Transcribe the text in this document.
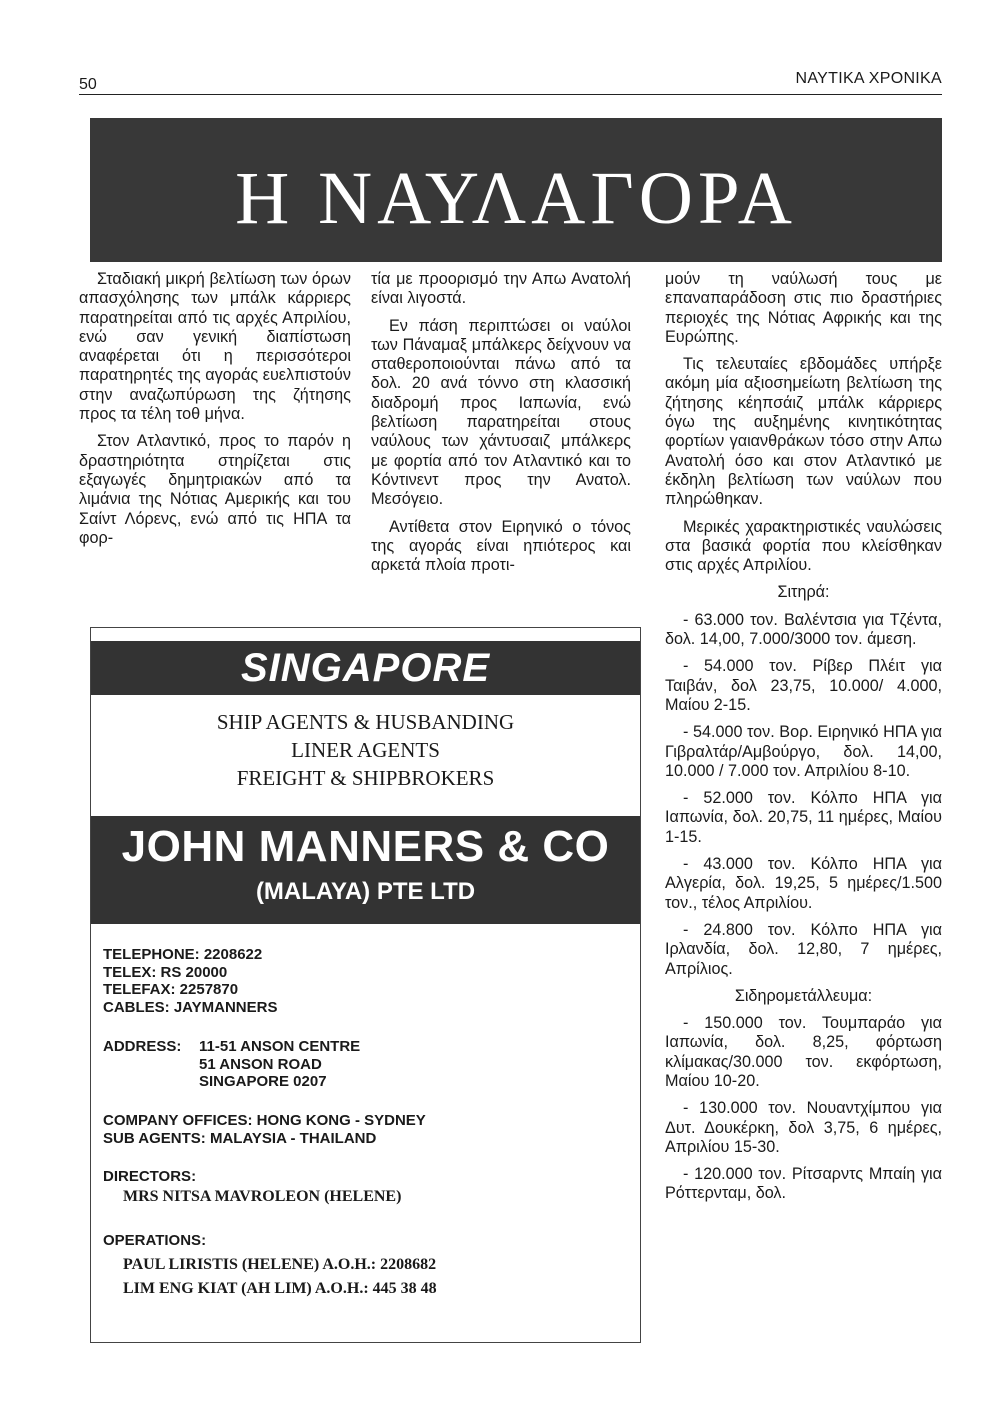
50	ΝΑΥΤΙΚΑ ΧΡΟΝΙΚΑ
Η ΝΑΥΛΑΓΟΡΑ

Σταδιακή μικρή βελτίωση των όρων απασχόλησης των μπάλκ κάρριερς παρατηρείται από τις αρχές Απριλίου, ενώ σαν γενική διαπίστωση αναφέρεται ότι η περισσότεροι παρατηρητές της αγοράς ευελπιστούν στην αναζωπύρωση της ζήτησης προς τα τέλη τοθ μήνα.

Στον Ατλαντικό, προς το παρόν η δραστηριότητα στηρίζεται στις εξαγωγές δημητριακών από τα λιμάνια της Νότιας Αμερικής και του Σαίντ Λόρενς, ενώ από τις ΗΠΑ τα φορ-

τία με προορισμό την Απω Ανατολή είναι λιγοστά.

Εν πάση περιπτώσει οι ναύλοι των Πάναμαξ μπάλκερς δείχνουν να σταθεροποιούνται πάνω από τα δολ. 20 ανά τόννο στη κλασσική διαδρομή προς Ιαπωνία, ενώ βελτίωση παρατηρείται στους ναύλους των χάντυσαιζ μπάλκερς με φορτία από τον Ατλαντικό και το Κόντινεντ προς την Ανατολ. Μεσόγειο.

Αντίθετα στον Ειρηνικό ο τόνος της αγοράς είναι ηπιότερος και αρκετά πλοία προτι-

μούν τη ναύλωσή τους με επαναπαράδοση στις πιο δραστήριες περιοχές της Νότιας Αφρικής και της Ευρώπης.

Τις τελευταίες εβδομάδες υπήρξε ακόμη μία αξιοσημείωτη βελτίωση της ζήτησης κέηπσάιζ μπάλκ κάρριερς όγω της αυξημένης κινητικότητας φορτίων γαιανθράκων τόσο στην Απω Ανατολή όσο και στον Ατλαντικό με έκδηλη βελτίωση των ναύλων που πληρώθηκαν.

Μερικές χαρακτηριστικές ναυλώσεις στα βασικά φορτία που κλείσθηκαν στις αρχές Απριλίου.

Σιτηρά:

- 63.000 τον. Βαλέντσια για Τζέντα, δολ. 14,00, 7.000/3000 τον. άμεση.

- 54.000 τον. Ρίβερ Πλέιτ για Ταιβάν, δολ 23,75, 10.000/ 4.000, Μαίου 2-15.

- 54.000 τον. Βορ. Ειρηνικό ΗΠΑ για Γιβραλτάρ/Αμβούργο, δολ. 14,00, 10.000 / 7.000 τον. Απριλίου 8-10.

- 52.000 τον. Κόλπο ΗΠΑ για Ιαπωνία, δολ. 20,75, 11 ημέρες, Μαίου 1-15.

- 43.000 τον. Κόλπο ΗΠΑ για Αλγερία, δολ. 19,25, 5 ημέρες/1.500 τον., τέλος Απριλίου.

- 24.800 τον. Κόλπο ΗΠΑ για Ιρλανδία, δολ. 12,80, 7 ημέρες, Απρίλιος.

Σιδηρομετάλλευμα:

- 150.000 τον. Τουμπαράο για Ιαπωνία, δολ. 8,25, φόρτωση κλίμακας/30.000 τον. εκφόρτωση, Μαίου 10-20.

- 130.000 τον. Νουαντχίμπου για Δυτ. Δουκέρκη, δολ 3,75, 6 ημέρες, Απριλίου 15-30.

- 120.000 τον. Ρίτσαρντς Μπαίη για Ρόττερνταμ, δολ.

SINGAPORE
SHIP AGENTS & HUSBANDING
LINER AGENTS
FREIGHT & SHIPBROKERS
JOHN MANNERS & CO
(MALAYA) PTE LTD
TELEPHONE: 2208622
TELEX: RS 20000
TELEFAX: 2257870
CABLES: JAYMANNERS
ADDRESS: 11-51 ANSON CENTRE
51 ANSON ROAD
SINGAPORE 0207
COMPANY OFFICES: HONG KONG - SYDNEY
SUB AGENTS: MALAYSIA - THAILAND
DIRECTORS:
MRS NITSA MAVROLEON (HELENE)
OPERATIONS:
PAUL LIRISTIS (HELENE) A.O.H.: 2208682
LIM ENG KIAT (AH LIM) A.O.H.: 445 38 48
